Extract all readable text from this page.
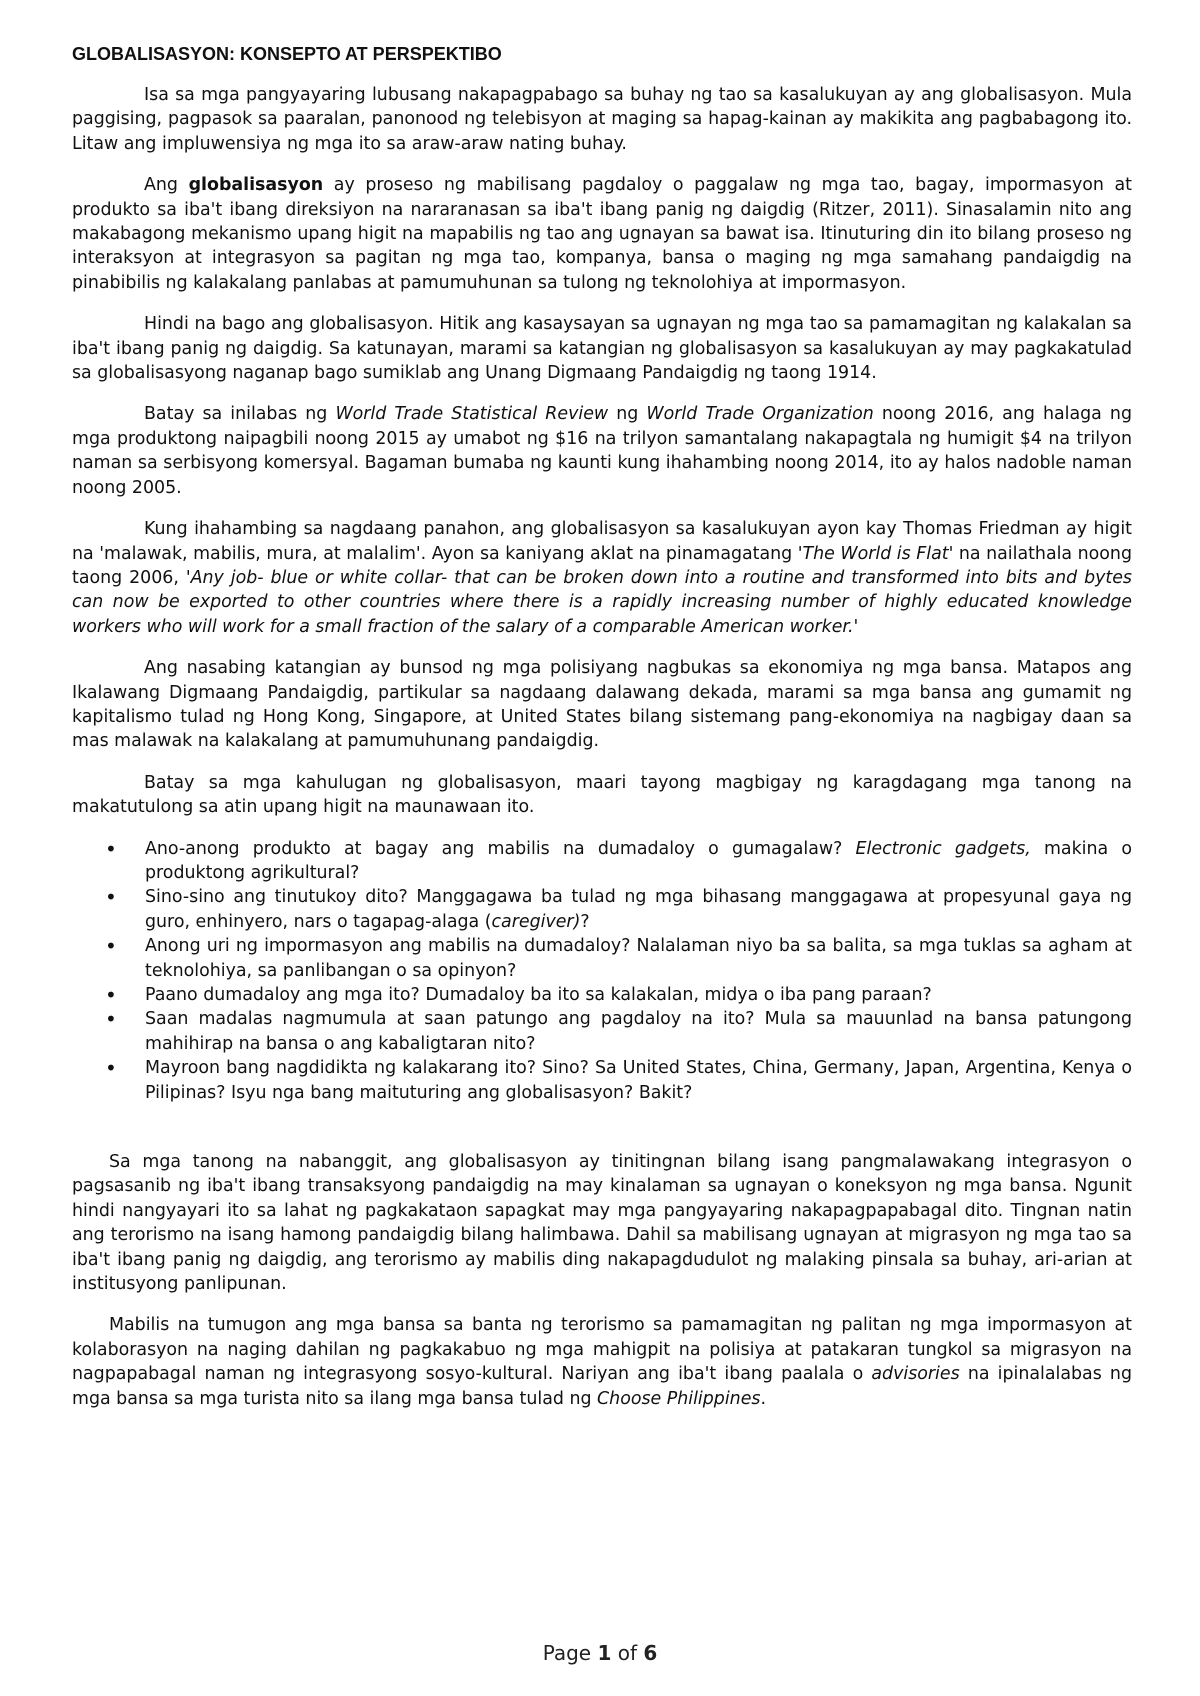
GLOBALISASYON: KONSEPTO AT PERSPEKTIBO

Isa sa mga pangyayaring lubusang nakapagpabago sa buhay ng tao sa kasalukuyan ay ang globalisasyon. Mula paggising, pagpasok sa paaralan, panonood ng telebisyon at maging sa hapag-kainan ay makikita ang pagbabagong ito. Litaw ang impluwensiya ng mga ito sa araw-araw nating buhay.

Ang globalisasyon ay proseso ng mabilisang pagdaloy o paggalaw ng mga tao, bagay, impormasyon at produkto sa iba't ibang direksiyon na nararanasan sa iba't ibang panig ng daigdig (Ritzer, 2011). Sinasalamin nito ang makabagong mekanismo upang higit na mapabilis ng tao ang ugnayan sa bawat isa. Itinuturing din ito bilang proseso ng interaksyon at integrasyon sa pagitan ng mga tao, kompanya, bansa o maging ng mga samahang pandaigdig na pinabibilis ng kalakalang panlabas at pamumuhunan sa tulong ng teknolohiya at impormasyon.

Hindi na bago ang globalisasyon. Hitik ang kasaysayan sa ugnayan ng mga tao sa pamamagitan ng kalakalan sa iba't ibang panig ng daigdig. Sa katunayan, marami sa katangian ng globalisasyon sa kasalukuyan ay may pagkakatulad sa globalisasyong naganap bago sumiklab ang Unang Digmaang Pandaigdig ng taong 1914.

Batay sa inilabas ng World Trade Statistical Review ng World Trade Organization noong 2016, ang halaga ng mga produktong naipagbili noong 2015 ay umabot ng $16 na trilyon samantalang nakapagtala ng humigit $4 na trilyon naman sa serbisyong komersyal. Bagaman bumaba ng kaunti kung ihahambing noong 2014, ito ay halos nadoble naman noong 2005.

Kung ihahambing sa nagdaang panahon, ang globalisasyon sa kasalukuyan ayon kay Thomas Friedman ay higit na 'malawak, mabilis, mura, at malalim'. Ayon sa kaniyang aklat na pinamagatang 'The World is Flat' na nailathala noong taong 2006, 'Any job- blue or white collar- that can be broken down into a routine and transformed into bits and bytes can now be exported to other countries where there is a rapidly increasing number of highly educated knowledge workers who will work for a small fraction of the salary of a comparable American worker.'

Ang nasabing katangian ay bunsod ng mga polisiyang nagbukas sa ekonomiya ng mga bansa. Matapos ang Ikalawang Digmaang Pandaigdig, partikular sa nagdaang dalawang dekada, marami sa mga bansa ang gumamit ng kapitalismo tulad ng Hong Kong, Singapore, at United States bilang sistemang pang-ekonomiya na nagbigay daan sa mas malawak na kalakalang at pamumuhunang pandaigdig.

Batay sa mga kahulugan ng globalisasyon, maari tayong magbigay ng karagdagang mga tanong na makatutulong sa atin upang higit na maunawaan ito.

• Ano-anong produkto at bagay ang mabilis na dumadaloy o gumagalaw? Electronic gadgets, makina o produktong agrikultural?
• Sino-sino ang tinutukoy dito? Manggagawa ba tulad ng mga bihasang manggagawa at propesyunal gaya ng guro, enhinyero, nars o tagapag-alaga (caregiver)?
• Anong uri ng impormasyon ang mabilis na dumadaloy? Nalalaman niyo ba sa balita, sa mga tuklas sa agham at teknolohiya, sa panlibangan o sa opinyon?
• Paano dumadaloy ang mga ito? Dumadaloy ba ito sa kalakalan, midya o iba pang paraan?
• Saan madalas nagmumula at saan patungo ang pagdaloy na ito? Mula sa mauunlad na bansa patungong mahihirap na bansa o ang kabaligtaran nito?
• Mayroon bang nagdidikta ng kalakarang ito? Sino? Sa United States, China, Germany, Japan, Argentina, Kenya o Pilipinas? Isyu nga bang maituturing ang globalisasyon? Bakit?

Sa mga tanong na nabanggit, ang globalisasyon ay tinitingnan bilang isang pangmalawakang integrasyon o pagsasanib ng iba't ibang transaksyong pandaigdig na may kinalaman sa ugnayan o koneksyon ng mga bansa. Ngunit hindi nangyayari ito sa lahat ng pagkakataon sapagkat may mga pangyayaring nakapagpapabagal dito. Tingnan natin ang terorismo na isang hamong pandaigdig bilang halimbawa. Dahil sa mabilisang ugnayan at migrasyon ng mga tao sa iba't ibang panig ng daigdig, ang terorismo ay mabilis ding nakapagdudulot ng malaking pinsala sa buhay, ari-arian at institusyong panlipunan.

Mabilis na tumugon ang mga bansa sa banta ng terorismo sa pamamagitan ng palitan ng mga impormasyon at kolaborasyon na naging dahilan ng pagkakabuo ng mga mahigpit na polisiya at patakaran tungkol sa migrasyon na nagpapabagal naman ng integrasyong sosyo-kultural. Nariyan ang iba't ibang paalala o advisories na ipinalalabas ng mga bansa sa mga turista nito sa ilang mga bansa tulad ng Choose Philippines.

Page 1 of 6
